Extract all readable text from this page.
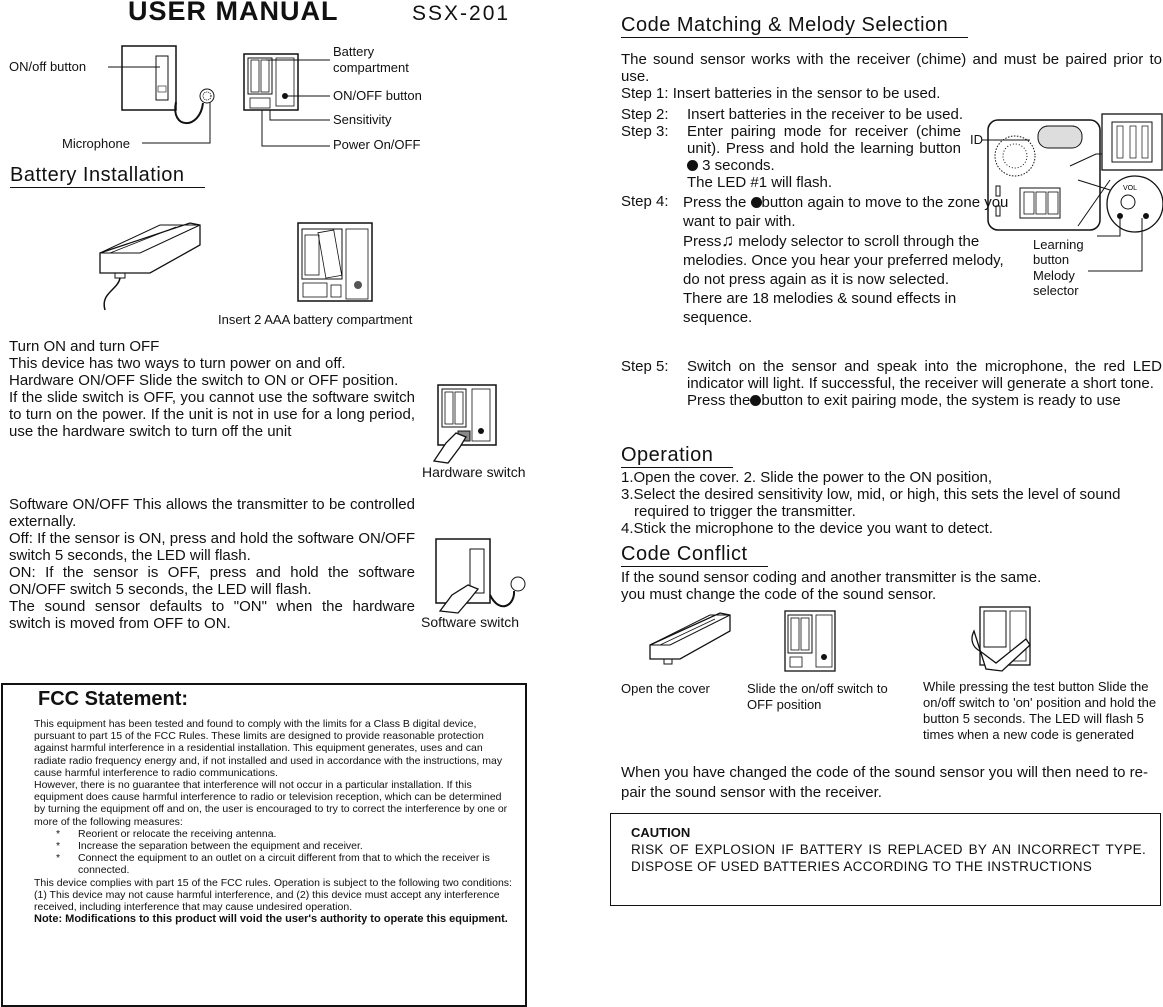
USER MANUAL	SSX-201
ON/off button
Microphone
Battery
compartment
ON/OFF button
Sensitivity
Power On/OFF
Battery Installation
Insert 2 AAA battery compartment

Turn ON and turn OFF

This device has two ways to turn power on and off.

Hardware ON/OFF Slide the switch to ON or OFF position.

If the slide switch is OFF, you cannot use the software switch to turn on the power. If the unit is not in use for a long period, use the hardware switch to turn off the unit

Hardware switch

Software ON/OFF This allows the transmitter to be controlled externally.

Off: If the sensor is ON, press and hold the software ON/OFF switch 5 seconds, the LED will flash.

ON: If the sensor is OFF, press and hold the software ON/OFF switch 5 seconds, the LED will flash.

The sound sensor defaults to "ON" when the hardware switch is moved from OFF to ON.	Software switch
FCC Statement:

This equipment has been tested and found to comply with the limits for a Class B digital device, pursuant to part 15 of the FCC Rules. These limits are designed to provide reasonable protection against harmful interference in a residential installation. This equipment generates, uses and can radiate radio frequency energy and, if not installed and used in accordance with the instructions, may cause harmful interference to radio communications.

However, there is no guarantee that interference will not occur in a particular installation. If this equipment does cause harmful interference to radio or television reception, which can be determined by turning the equipment off and on, the user is encouraged to try to correct the interference by one or more of the following measures:

*	Reorient or relocate the receiving antenna.
*	Increase the separation between the equipment and receiver.
*	Connect the equipment to an outlet on a circuit different from that to which the receiver is connected.

This device complies with part 15 of the FCC rules. Operation is subject to the following two conditions: (1) This device may not cause harmful interference, and (2) this device must accept any interference received, including interference that may cause undesired operation.

Note: Modifications to this product will void the user's authority to operate this equipment.

Code Matching & Melody Selection

The sound sensor works with the receiver (chime) and must be paired prior to use.

Step 1: Insert batteries in the sensor to be used.

Step 2:	Insert batteries in the receiver to be used.
Step 3:	Enter pairing mode for receiver (chime unit). Press and hold the learning button  3 seconds.
The LED #1 will flash.
Step 4: Press the button again to move to the zone you want to pair with.
Press♫ melody selector to scroll through the melodies. Once you hear your preferred melody, do not press again as it is now selected.
There are 18 melodies & sound effects in sequence.
Step 5:	Switch on the sensor and speak into the microphone, the red LED indicator will light. If successful, the receiver will generate a short tone.
Press the button to exit pairing mode, the system is ready to use
VOL
ID
Learning
button
Melody
selector
Operation

1.Open the cover. 2. Slide the power to the ON position,

3.Select the desired sensitivity low, mid, or high, this sets the level of sound required to trigger the transmitter.

4.Stick the microphone to the device you want to detect.

Code Conflict

If the sound sensor coding and another transmitter is the same.

you must change the code of the sound sensor.

Open the cover	Slide the on/off switch to OFF position
While pressing the test button Slide the on/off switch to 'on' position and hold the button 5 seconds. The LED will flash 5 times when a new code is generated
When you have changed the code of the sound sensor you will then need to re- pair the sound sensor with the receiver.
CAUTION
RISK OF EXPLOSION IF BATTERY IS REPLACED BY AN INCORRECT TYPE. DISPOSE OF USED BATTERIES ACCORDING TO THE INSTRUCTIONS
